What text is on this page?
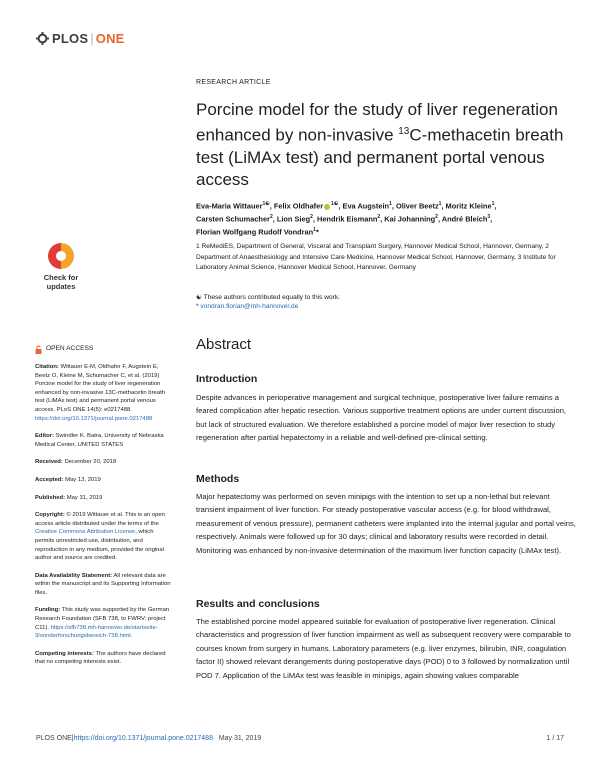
PLOS | ONE
RESEARCH ARTICLE
Porcine model for the study of liver regeneration enhanced by non-invasive $^{13}$C-methacetin breath test (LiMAx test) and permanent portal venous access
Eva-Maria Wittauer$^{1☯}$, Felix Oldhafer $^{1☯}$, Eva Augstein$^1$, Oliver Beetz$^1$, Moritz Kleine$^1$,
Carsten Schumacher$^2$, Lion Sieg$^2$, Hendrik Eismann$^2$, Kai Johanning$^2$, André Bleich$^3$,
Florian Wolfgang Rudolf Vondran$^1$*
1 ReMediES, Department of General, Visceral and Transplant Surgery, Hannover Medical School, Hannover, Germany, 2 Department of Anaesthesiology and Intensive Care Medicine, Hannover Medical School, Hannover, Germany, 3 Institute for Laboratory Animal Science, Hannover Medical School, Hannover, Germany
☯ These authors contributed equally to this work.
* vondran.florian@mh-hannover.de
Check for
updates
OPEN ACCESS

Citation: Wittauer E-M, Oldhafer F, Augstein E, Beetz O, Kleine M, Schumacher C, et al. (2019) Porcine model for the study of liver regeneration enhanced by non-invasive 13C-methacetin breath test (LiMAx test) and permanent portal venous access. PLoS ONE 14(5): e0217488. https://doi.org/10.1371/journal.pone.0217488

Editor: Swindler K. Batra, University of Nebraska Medical Center, UNITED STATES

Received: December 20, 2018

Accepted: May 13, 2019

Published: May 31, 2019

Copyright: © 2019 Wittauer et al. This is an open access article distributed under the terms of the Creative Commons Attribution License, which permits unrestricted use, distribution, and reproduction in any medium, provided the original author and source are credited.

Data Availability Statement: All relevant data are within the manuscript and its Supporting Information files.

Funding: This study was supported by the German Research Foundation (SFB 738, to FWRV; project C11). https://sfb738.mh-hannover.de/startseite-3/sonderforschungsbereich-738.html.

Competing interests: The authors have declared that no competing interests exist.

Abstract
Introduction
Despite advances in perioperative management and surgical technique, postoperative liver failure remains a feared complication after hepatic resection. Various supportive treatment options are under current discussion, but lack of structured evaluation. We therefore established a porcine model of major liver resection to study regeneration after partial hepatectomy in a reliable and well-defined pre-clinical setting.
Methods
Major hepatectomy was performed on seven minipigs with the intention to set up a non-lethal but relevant transient impairment of liver function. For steady postoperative vascular access (e.g. for blood withdrawal, measurement of venous pressure), permanent catheters were implanted into the internal jugular and portal veins, respectively. Animals were followed up for 30 days; clinical and laboratory results were recorded in detail. Monitoring was enhanced by non-invasive determination of the maximum liver function capacity (LiMAx test).
Results and conclusions
The established porcine model appeared suitable for evaluation of postoperative liver regeneration. Clinical characteristics and progression of liver function impairment as well as subsequent recovery were comparable to courses known from surgery in humans. Laboratory parameters (e.g. liver enzymes, bilirubin, INR, coagulation factor II) showed relevant derangements during postoperative days (POD) 0 to 3 followed by normalization until POD 7. Application of the LiMAx test was feasible in minipigs, again showing values comparable
PLOS ONE | https://doi.org/10.1371/journal.pone.0217488
May 31, 2019	1 / 17
